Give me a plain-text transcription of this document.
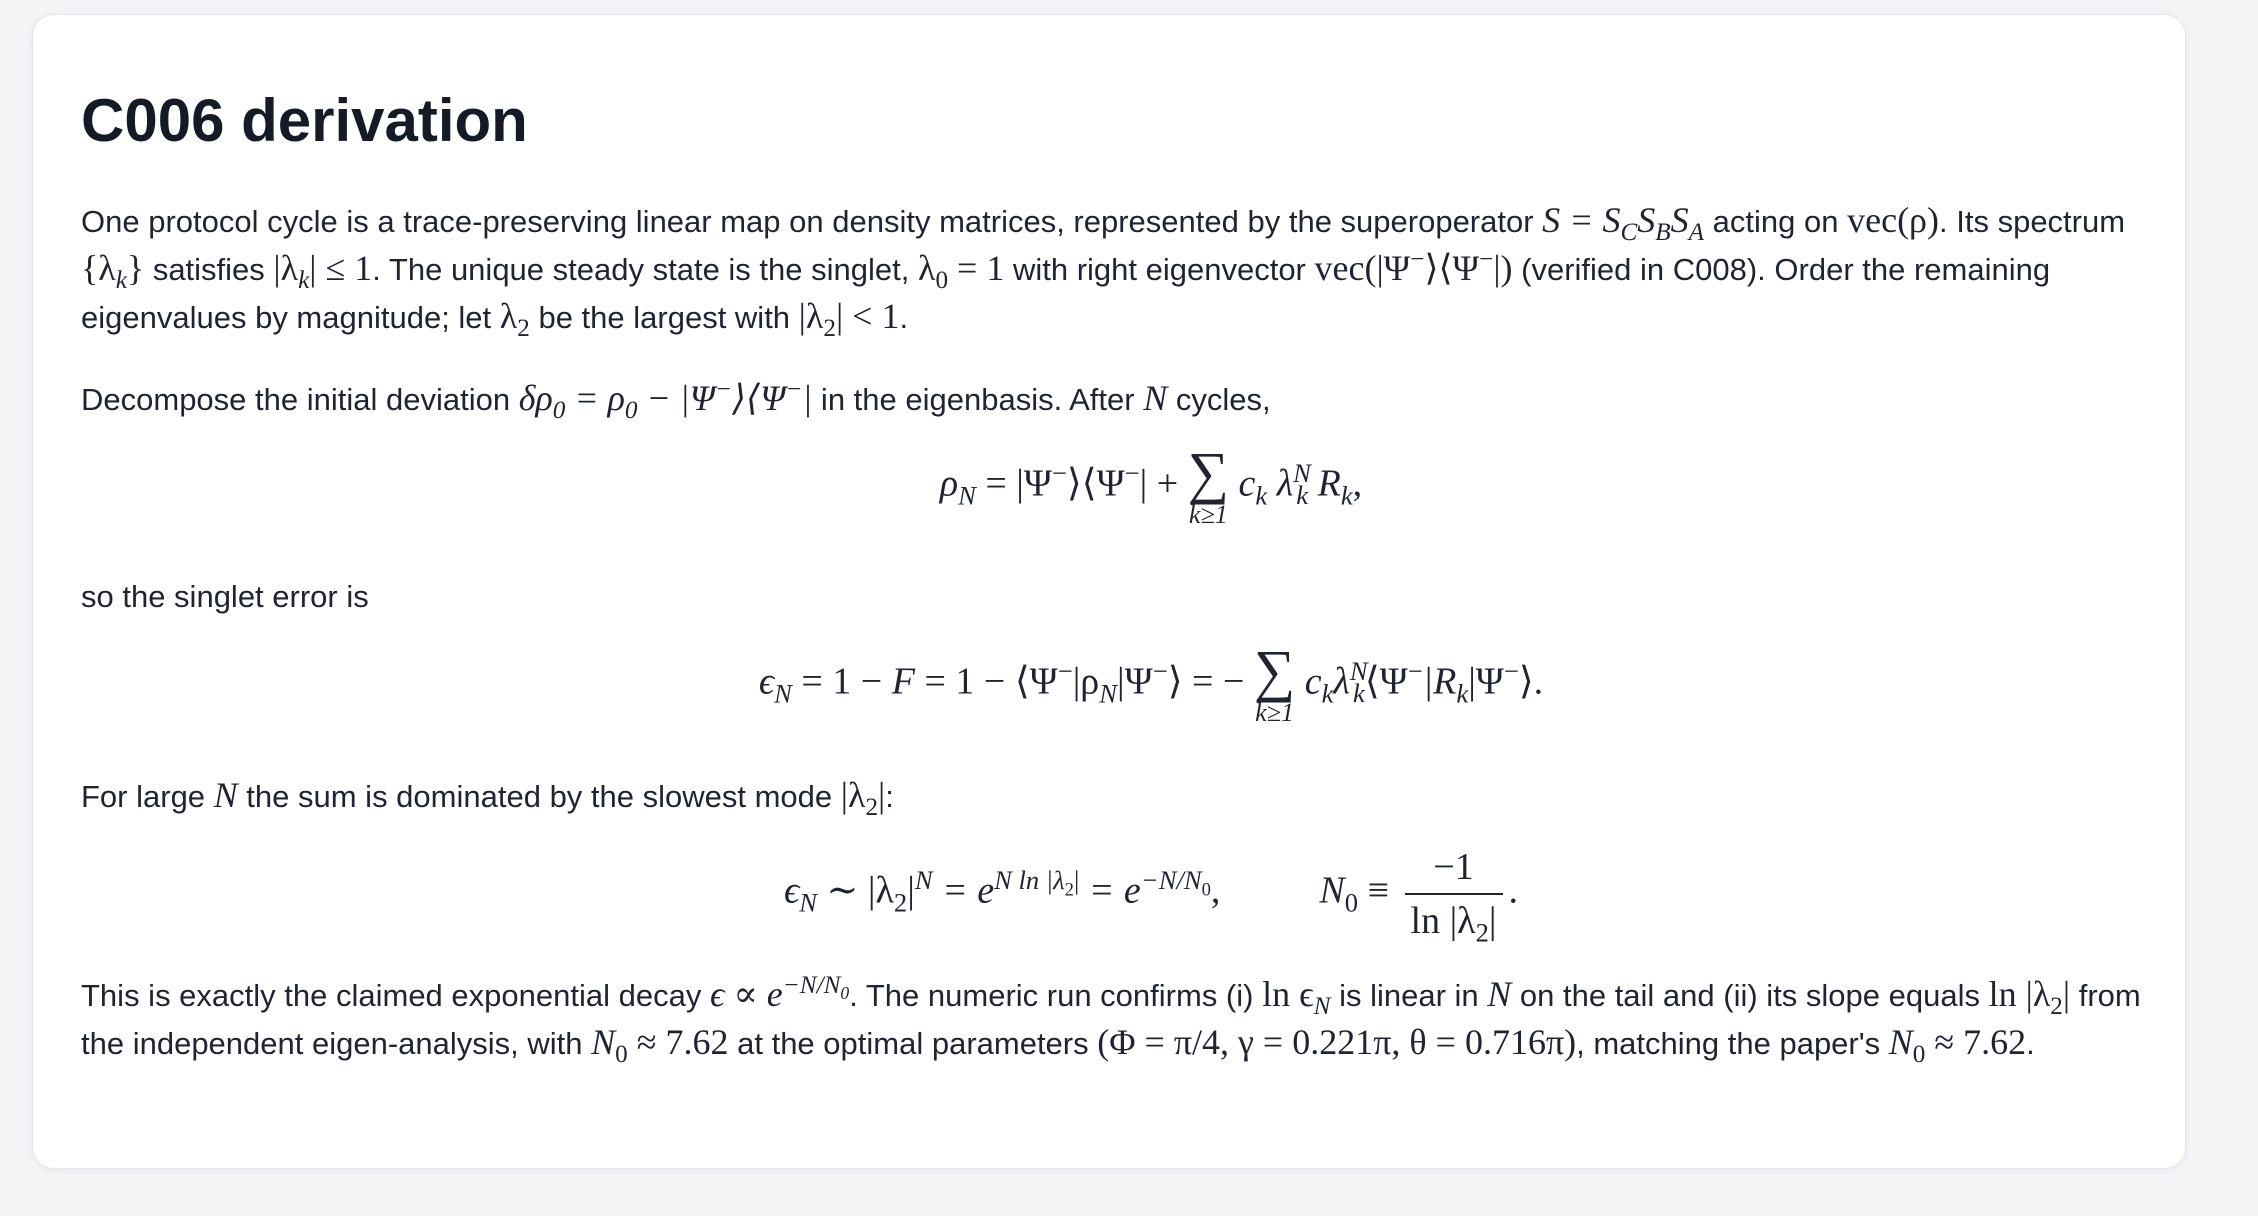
C006 derivation

One protocol cycle is a trace-preserving linear map on density matrices, represented by the superoperator $S = S_CS_BS_A$ acting on vec(ρ). Its spectrum $\{\lambda_k\}$ satisfies $|\lambda_k| \le 1$. The unique steady state is the singlet, $\lambda_0 = 1$ with right eigenvector vec(|Ψ−⟩⟨Ψ−|) (verified in C008). Order the remaining eigenvalues by magnitude; let $\lambda_2$ be the largest with $|\lambda_2| < 1$.

Decompose the initial deviation $\delta\rho_0 = \rho_0$ − |Ψ−⟩⟨Ψ−| in the eigenbasis. After N cycles,

$\rho_N$ = |Ψ−⟩⟨Ψ−| + ∑
k≥1
$c_k$ $\lambda^N_k$ $R_k$,

so the singlet error is

$\epsilon_N = 1 - F = 1$ − $⟨\Psi^-|\rho_N|\Psi^-⟩$ = − ∑
k≥1
$c_k\lambda^N_k⟨\Psi^-|R_k|\Psi^-⟩$.

For large N the sum is dominated by the slowest mode $|\lambda_2|$:

$\epsilon_N$ ∼ $|\lambda_2|^N = e^{N ln |\lambda_2|} = e^{-N/N_0}$,	$N_0 \equiv \frac{-1}{\ln |\lambda_2|}$ .

This is exactly the claimed exponential decay $\epsilon \propto e^{-N/N_0}$. The numeric run confirms (i) $\ln \epsilon_N$ is linear in N on the tail and (ii) its slope equals $\ln |\lambda_2|$ from the independent eigen-analysis, with $N_0 \approx 7.62$ at the optimal parameters (Φ = π/4, γ = 0.221π, θ = 0.716π), matching the paper's $N_0 \approx 7.62$.
